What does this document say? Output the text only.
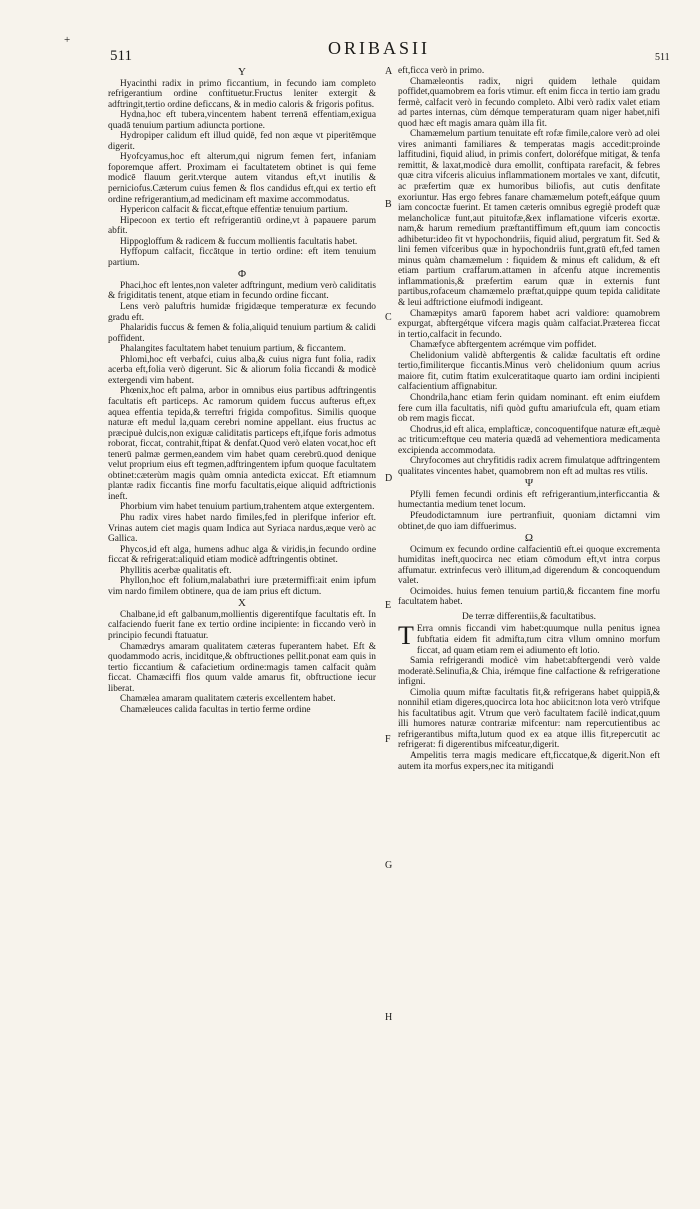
+
511	ORIBASII	511
A
B
C
D
E
F
G
H

Y

Hyacinthi radix in primo ficcantium, in fecundo iam completo refrigerantium ordine conftituetur.Fructus leniter extergit & adftringit,tertio ordine deficcans, & in medio caloris & frigoris pofitus.

Hydna,hoc eft tubera,vincentem habent terrenā effentiam,exigua quadā tenuium partium adiuncta portione.

Hydropiper calidum eft illud quidē, fed non æque vt piperitēmque digerit.

Hyofcyamus,hoc eft alterum,qui nigrum femen fert, infaniam foporemque affert. Proximam ei facultatetem obtinet is qui feme modicē flauum gerit.vterque autem vitandus eft,vt inutilis & perniciofus.Cæterum cuius femen & flos candidus eft,qui ex tertio eft ordine refrigerantium,ad medicinam eft maxime accommodatus.

Hypericon calfacit & ficcat,eftque effentiæ tenuium partium.

Hipecoon ex tertio eft refrigerantiū ordine,vt à papauere parum abfit.

Hippogloffum & radicem & fuccum mollientis facultatis habet.

Hyffopum calfacit, ficcātque in tertio ordine: eft item tenuium partium.

Φ

Phaci,hoc eft lentes,non valeter adftringunt, medium verò caliditatis & frigiditatis tenent, atque etiam in fecundo ordine ficcant.

Lens verò paluftris humidæ frigidæque temperaturæ ex fecundo gradu eft.

Phalaridis fuccus & femen & folia,aliquid tenuium partium & calidi poffident.

Phalangites facultatem habet tenuium partium, & ficcantem.

Phlomi,hoc eft verbafci, cuius alba,& cuius nigra funt folia, radix acerba eft,folia verò digerunt. Sic & aliorum folia ficcandi & modicè extergendi vim habent.

Phœnix,hoc eft palma, arbor in omnibus eius partibus adftringentis facultatis eft particeps. Ac ramorum quidem fuccus aufterus eft,ex aquea effentia tepida,& terreftri frigida compofitus. Similis quoque naturæ eft medul la,quam cerebri nomine appellant. eius fructus ac præcipuè dulcis,non exiguæ caliditatis particeps eft,ifque foris admotus roborat, ficcat, contrahit,ftipat & denfat.Quod verò elaten vocat,hoc eft tenerū palmæ germen,eandem vim habet quam cerebrū.quod denique velut proprium eius eft tegmen,adftringentem ipfum quoque facultatem obtinet:cæterùm magis quàm omnia antedicta exiccat. Eft etiamnum plantæ radix ficcantis fine morfu facultatis,eique aliquid adftrictionis ineft.

Phorbium vim habet tenuium partium,trahentem atque extergentem.

Phu radix vires habet nardo fimiles,fed in plerifque inferior eft. Vrinas autem ciet magis quam Indica aut Syriaca nardus,æque verò ac Gallica.

Phycos,id eft alga, humens adhuc alga & viridis,in fecundo ordine ficcat & refrigerat:aliquid etiam modicè adftringentis obtinet.

Phyllitis acerbæ qualitatis eft.

Phyllon,hoc eft folium,malabathri iure prætermiffi:ait enim ipfum vim nardo fimilem obtinere, qua de iam prius eft dictum.

X

Chalbane,id eft galbanum,mollientis digerentifque facultatis eft. In calfaciendo fuerit fane ex tertio ordine incipiente: in ficcando verò in principio fecundi ftatuatur.

Chamædrys amaram qualitatem cæteras fuperantem habet. Eft & quodammodo acris, inciditque,& obftructiones pellit.ponat eam quis in tertio ficcantium & cafacietium ordine:magis tamen calfacit quàm ficcat. Chamæciffi flos quum valde amarus fit, obftructione iecur liberat.

Chamælea amaram qualitatem cæteris excellentem habet.

Chamæleuces calida facultas in tertio ferme ordine

eft,ficca verò in primo.

Chamæleontis radix, nigri quidem lethale quidam poffidet,quamobrem ea foris vtimur. eft enim ficca in tertio iam gradu fermè, calfacit verò in fecundo completo. Albi verò radix valet etiam ad partes internas, cùm démque temperaturam quam niger habet,nifi quod hæc eft magis amara quàm illa fit.

Chamæmelum partium tenuitate eft rofæ fimile,calore verò ad olei vires animanti familiares & temperatas magis accedit:proinde laffitudini, fiquid aliud, in primis confert, doloréfque mitigat, & tenfa remittit, & laxat,modicè dura emollit, conftipata rarefacit, & febres quæ citra vifceris alicuius inflammationem mortales ve xant, difcutit, ac præfertim quæ ex humoribus biliofis, aut cutis denfitate exoriuntur. Has ergo febres fanare chamæmelum poteft,eáfque quum iam concoctæ fuerint. Et tamen cæteris omnibus egregiè prodeft quæ melancholicæ funt,aut pituitofæ,&ex inflamatione vifceris exortæ. nam,& harum remedium præftantiffimum eft,quum iam concoctis adhibetur:ideo fit vt hypochondriis, fiquid aliud, pergratum fit. Sed & lini femen vifceribus quæ in hypochondriis funt,gratū eft,fed tamen minus quàm chamæmelum : fiquidem & minus eft calidum, & eft etiam partium craffarum.attamen in afcenfu atque incrementis inflammationis,& præfertim earum quæ in externis funt partibus,rofaceum chamæmelo præftat,quippe quum tepida caliditate & leui adftrictione eiufmodi indigeant.

Chamæpitys amarū faporem habet acri valdiore: quamobrem expurgat, abftergétque vifcera magis quàm calfaciat.Præterea ficcat in tertio,calfacit in fecundo.

Chamæfyce abftergentem acrémque vim poffidet.

Chelidonium validè abftergentis & calidæ facultatis eft ordine tertio,fimiliterque ficcantis.Minus verò chelidonium quum acrius maiore fit, cutim ftatim exulceratitaque quarto iam ordini incipienti calfacientium affignabitur.

Chondrila,hanc etiam ferin quidam nominant. eft enim eiufdem fere cum illa facultatis, nifi quòd guftu amariufcula eft, quam etiam ob rem magis ficcat.

Chodrus,id eft alica, emplafticæ, concoquentifque naturæ eft,æquè ac triticum:eftque ceu materia quædā ad vehementiora medicamenta excipienda accommodata.

Chryfocomes aut chryfitidis radix acrem fimulatque adftringentem qualitates vincentes habet, quamobrem non eft ad multas res vtilis.

Ψ

Pfylli femen fecundi ordinis eft refrigerantium,interficcantia & humectantia medium tenet locum.

Pfeudodictamnum iure pertranfiuit, quoniam dictamni vim obtinet,de quo iam diffuerimus.

Ω

Ocimum ex fecundo ordine calfacientiū eft.ei quoque excrementa humiditas ineft,quocirca nec etiam cōmodum eft,vt intra corpus affumatur. extrinfecus verò illitum,ad digerendum & concoquendum valet.

Ocimoides. huius femen tenuium partiū,& ficcantem fine morfu facultatem habet.

De terræ differentiis,& facultatibus.

T Erra omnis ficcandi vim habet:quumque nulla penitus ignea fubftatia eidem fit admifta,tum citra vllum omnino morfum ficcat, ad quam etiam rem ei adiumento eft lotio.

Samia refrigerandi modicè vim habet:abftergendi verò valde moderatè.Selinufia,& Chia, irémque fine calfactione & refrigeratione infigni.

Cimolia quum miftæ facultatis fit,& refrigerans habet quippiā,& nonnihil etiam digeres,quocirca lota hoc abiicit:non lota verò vtrifque his facultatibus agit. Vtrum que verò facultatem facilè indicat,quum illi humores naturæ contrariæ mifcentur: nam repercutientibus ac refrigerantibus mifta,lutum quod ex ea atque illis fit,repercutit ac refrigerat: fi digerentibus mifceatur,digerit.

Ampelitis terra magis medicare eft,ficcatque,& digerit.Non eft autem ita morfus expers,nec ita mitigandi
